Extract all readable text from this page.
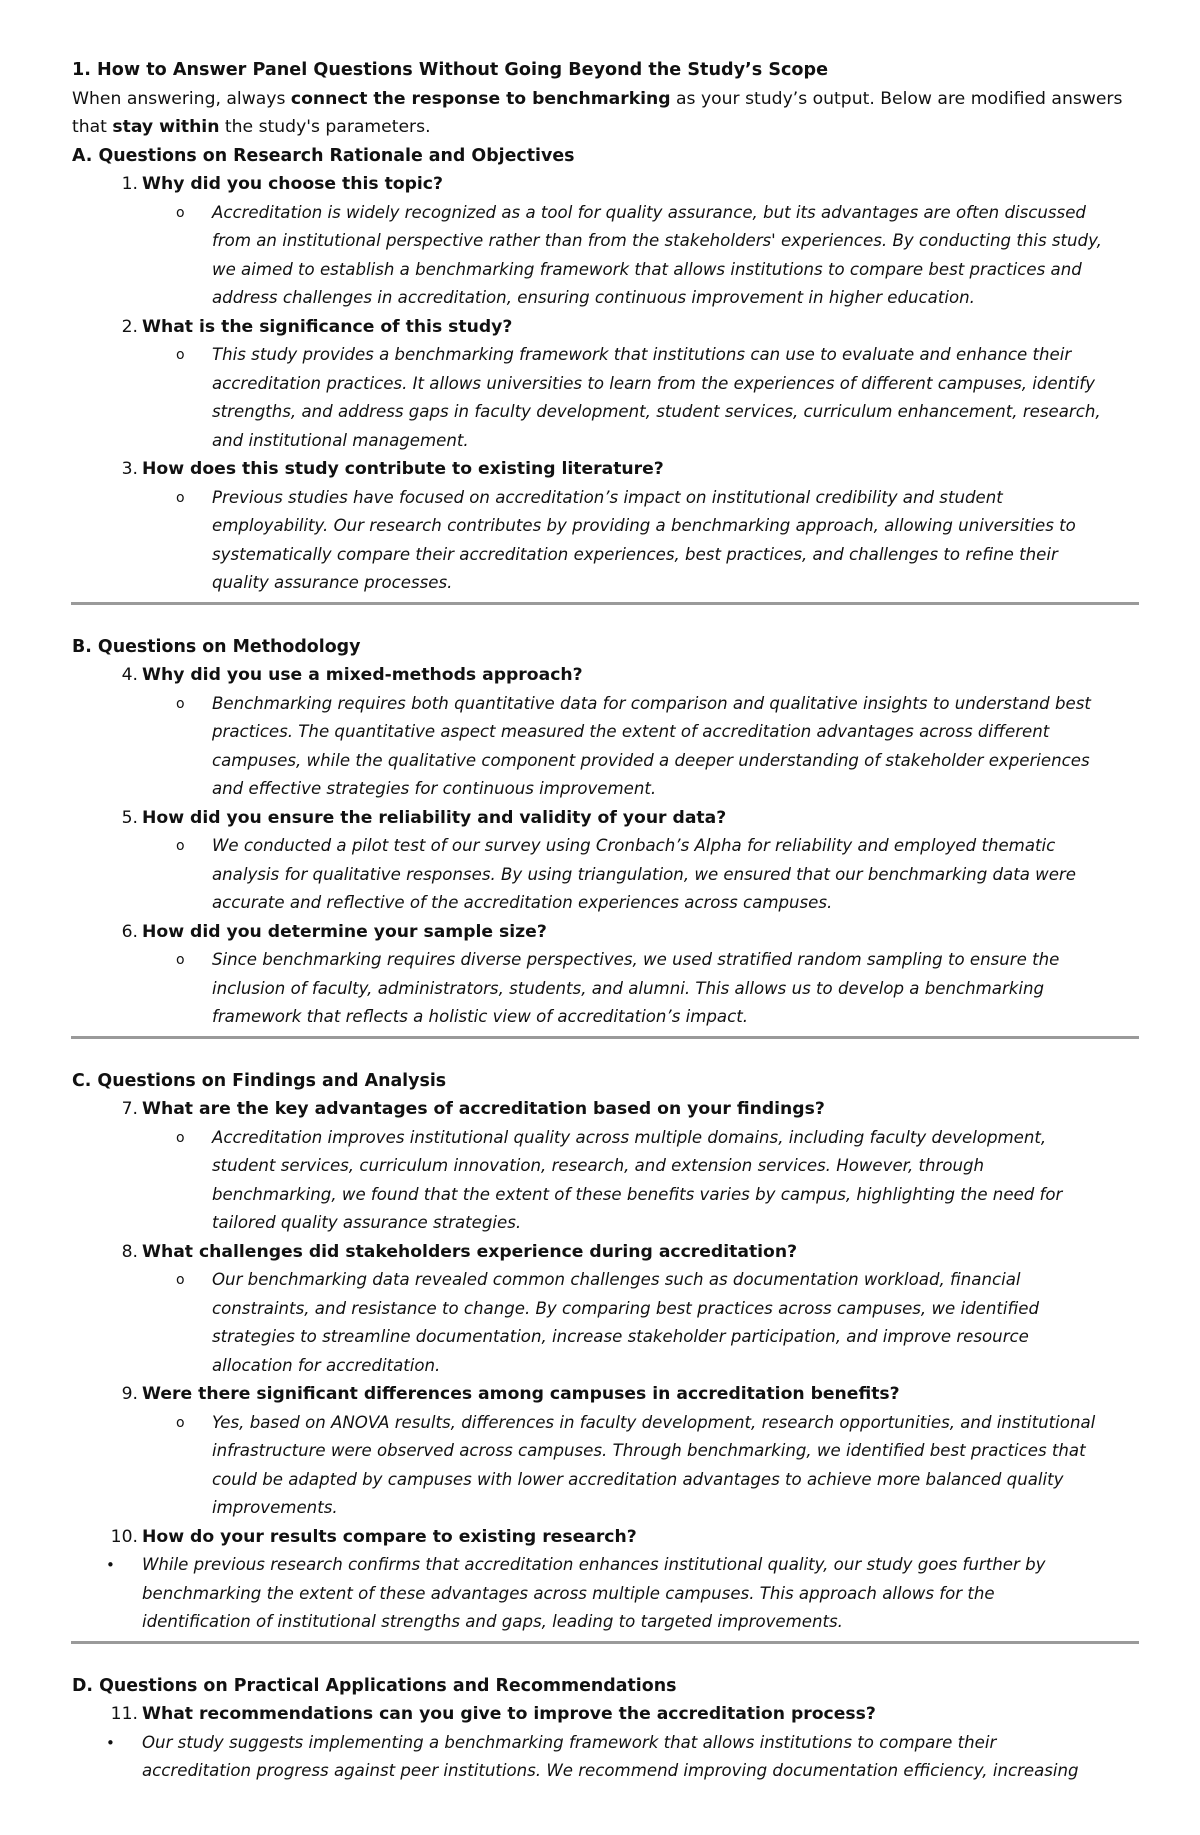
1. How to Answer Panel Questions Without Going Beyond the Study’s Scope

When answering, always connect the response to benchmarking as your study’s output. Below are modified answers that stay within the study's parameters.

A. Questions on Research Rationale and Objectives

1. Why did you choose this topic?

o Accreditation is widely recognized as a tool for quality assurance, but its advantages are often discussed from an institutional perspective rather than from the stakeholders' experiences. By conducting this study, we aimed to establish a benchmarking framework that allows institutions to compare best practices and address challenges in accreditation, ensuring continuous improvement in higher education.

2. What is the significance of this study?

o This study provides a benchmarking framework that institutions can use to evaluate and enhance their accreditation practices. It allows universities to learn from the experiences of different campuses, identify strengths, and address gaps in faculty development, student services, curriculum enhancement, research, and institutional management.

3. How does this study contribute to existing literature?

o Previous studies have focused on accreditation’s impact on institutional credibility and student employability. Our research contributes by providing a benchmarking approach, allowing universities to systematically compare their accreditation experiences, best practices, and challenges to refine their quality assurance processes.

B. Questions on Methodology

4. Why did you use a mixed-methods approach?

o Benchmarking requires both quantitative data for comparison and qualitative insights to understand best practices. The quantitative aspect measured the extent of accreditation advantages across different campuses, while the qualitative component provided a deeper understanding of stakeholder experiences and effective strategies for continuous improvement.

5. How did you ensure the reliability and validity of your data?

o We conducted a pilot test of our survey using Cronbach’s Alpha for reliability and employed thematic analysis for qualitative responses. By using triangulation, we ensured that our benchmarking data were accurate and reflective of the accreditation experiences across campuses.

6. How did you determine your sample size?

o Since benchmarking requires diverse perspectives, we used stratified random sampling to ensure the inclusion of faculty, administrators, students, and alumni. This allows us to develop a benchmarking framework that reflects a holistic view of accreditation’s impact.

C. Questions on Findings and Analysis

7. What are the key advantages of accreditation based on your findings?

o Accreditation improves institutional quality across multiple domains, including faculty development, student services, curriculum innovation, research, and extension services. However, through benchmarking, we found that the extent of these benefits varies by campus, highlighting the need for tailored quality assurance strategies.

8. What challenges did stakeholders experience during accreditation?

o Our benchmarking data revealed common challenges such as documentation workload, financial constraints, and resistance to change. By comparing best practices across campuses, we identified strategies to streamline documentation, increase stakeholder participation, and improve resource allocation for accreditation.

9. Were there significant differences among campuses in accreditation benefits?

o Yes, based on ANOVA results, differences in faculty development, research opportunities, and institutional infrastructure were observed across campuses. Through benchmarking, we identified best practices that could be adapted by campuses with lower accreditation advantages to achieve more balanced quality improvements.

10. How do your results compare to existing research?

• While previous research confirms that accreditation enhances institutional quality, our study goes further by benchmarking the extent of these advantages across multiple campuses. This approach allows for the identification of institutional strengths and gaps, leading to targeted improvements.

D. Questions on Practical Applications and Recommendations

11. What recommendations can you give to improve the accreditation process?

• Our study suggests implementing a benchmarking framework that allows institutions to compare their accreditation progress against peer institutions. We recommend improving documentation efficiency, increasing
